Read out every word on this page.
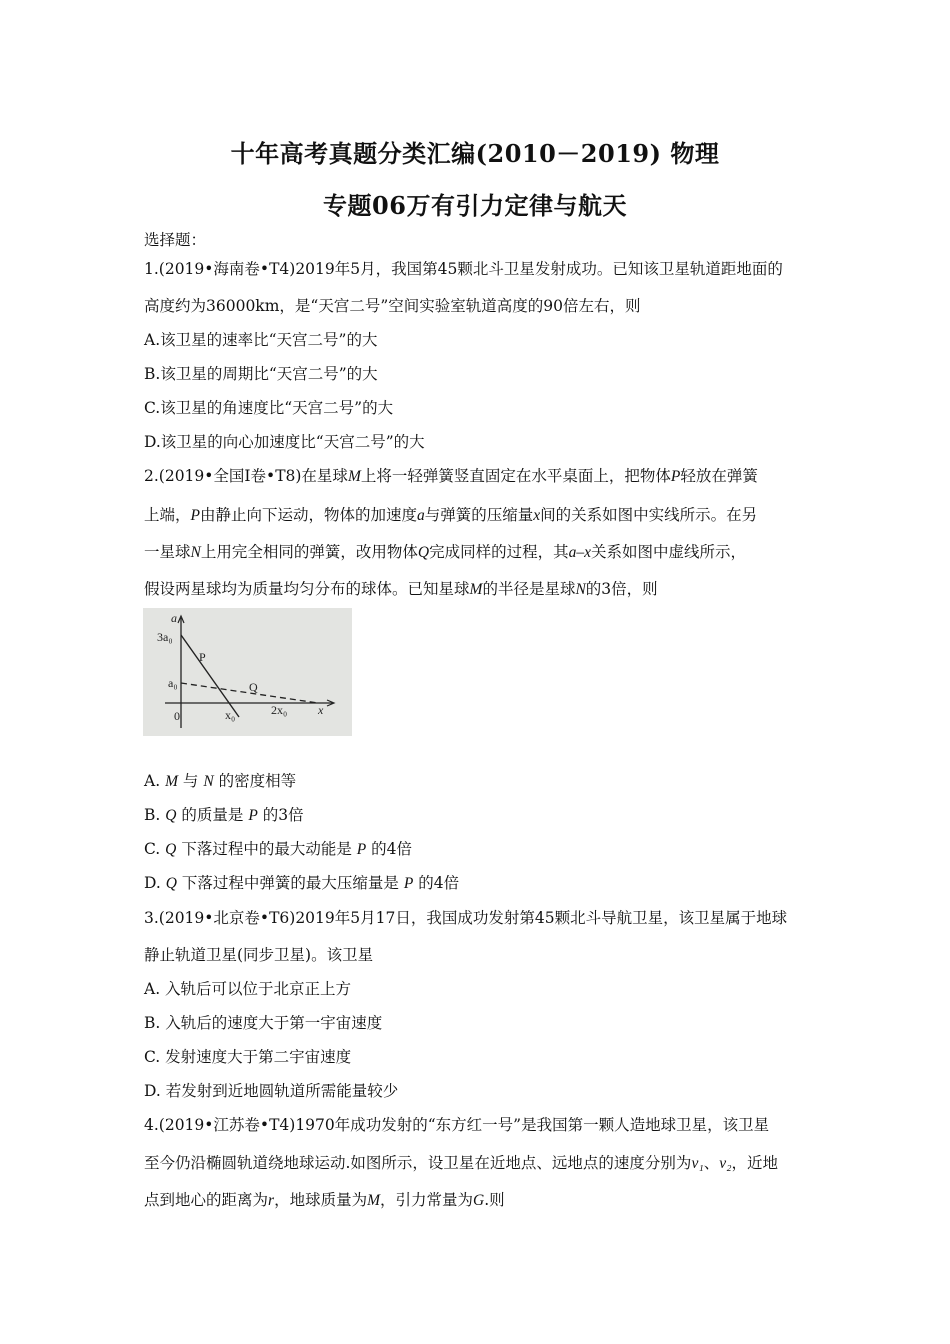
十年高考真题分类汇编(2010－2019) 物理
专题06万有引力定律与航天
选择题：
1.(2019•海南卷•T4)2019年5月，我国第45颗北斗卫星发射成功。已知该卫星轨道距地面的
高度约为36000km，是“天宫二号”空间实验室轨道高度的90倍左右，则
A.该卫星的速率比“天宫二号”的大
B.该卫星的周期比“天宫二号”的大
C.该卫星的角速度比“天宫二号”的大
D.该卫星的向心加速度比“天宫二号”的大
2.(2019•全国Ⅰ卷•T8)在星球M上将一轻弹簧竖直固定在水平桌面上，把物体P轻放在弹簧
上端，P由静止向下运动，物体的加速度a与弹簧的压缩量x间的关系如图中实线所示。在另
一星球N上用完全相同的弹簧，改用物体Q完成同样的过程，其a–x关系如图中虚线所示，
假设两星球均为质量均匀分布的球体。已知星球M的半径是星球N的3倍，则
a
3a₀
a₀
P
Q
0	x₀	2x₀	x
A. M 与 N 的密度相等
B. Q 的质量是 P 的3倍
C. Q 下落过程中的最大动能是 P 的4倍
D. Q 下落过程中弹簧的最大压缩量是 P 的4倍
3.(2019•北京卷•T6)2019年5月17日，我国成功发射第45颗北斗导航卫星，该卫星属于地球
静止轨道卫星(同步卫星)。该卫星
A. 入轨后可以位于北京正上方
B. 入轨后的速度大于第一宇宙速度
C. 发射速度大于第二宇宙速度
D. 若发射到近地圆轨道所需能量较少
4.(2019•江苏卷•T4)1970年成功发射的“东方红一号”是我国第一颗人造地球卫星，该卫星
至今仍沿椭圆轨道绕地球运动.如图所示，设卫星在近地点、远地点的速度分别为v₁、v₂，近地
点到地心的距离为r，地球质量为M，引力常量为G.则
